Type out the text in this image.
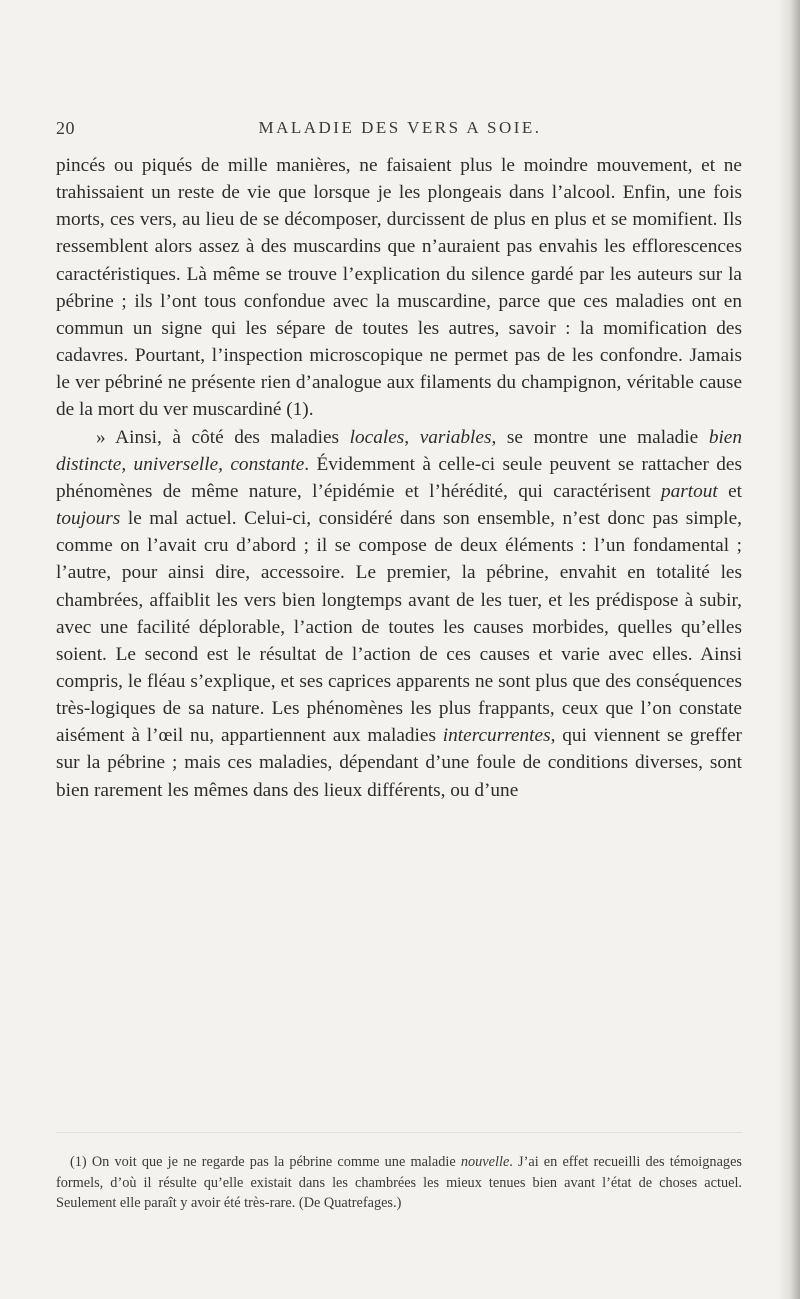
20	MALADIE DES VERS A SOIE.

pincés ou piqués de mille manières, ne faisaient plus le moindre mouvement, et ne trahissaient un reste de vie que lorsque je les plongeais dans l’alcool. Enfin, une fois morts, ces vers, au lieu de se décomposer, durcissent de plus en plus et se momifient. Ils ressemblent alors assez à des muscardins que n’auraient pas envahis les efflorescences caractéristiques. Là même se trouve l’explication du silence gardé par les auteurs sur la pébrine ; ils l’ont tous confondue avec la muscardine, parce que ces maladies ont en commun un signe qui les sépare de toutes les autres, savoir : la momification des cadavres. Pourtant, l’inspection microscopique ne permet pas de les confondre. Jamais le ver pébriné ne présente rien d’analogue aux filaments du champignon, véritable cause de la mort du ver muscardiné (1).

» Ainsi, à côté des maladies locales, variables, se montre une maladie bien distincte, universelle, constante. Évidemment à celle-ci seule peuvent se rattacher des phénomènes de même nature, l’épidémie et l’hérédité, qui caractérisent partout et toujours le mal actuel. Celui-ci, considéré dans son ensemble, n’est donc pas simple, comme on l’avait cru d’abord ; il se compose de deux éléments : l’un fondamental ; l’autre, pour ainsi dire, accessoire. Le premier, la pébrine, envahit en totalité les chambrées, affaiblit les vers bien longtemps avant de les tuer, et les prédispose à subir, avec une facilité déplorable, l’action de toutes les causes morbides, quelles qu’elles soient. Le second est le résultat de l’action de ces causes et varie avec elles. Ainsi compris, le fléau s’explique, et ses caprices apparents ne sont plus que des conséquences très-logiques de sa nature. Les phénomènes les plus frappants, ceux que l’on constate aisément à l’œil nu, appartiennent aux maladies intercurrentes, qui viennent se greffer sur la pébrine ; mais ces maladies, dépendant d’une foule de conditions diverses, sont bien rarement les mêmes dans des lieux différents, ou d’une

(1) On voit que je ne regarde pas la pébrine comme une maladie nouvelle. J’ai en effet recueilli des témoignages formels, d’où il résulte qu’elle existait dans les chambrées les mieux tenues bien avant l’état de choses actuel. Seulement elle paraît y avoir été très-rare. (De Quatrefages.)
